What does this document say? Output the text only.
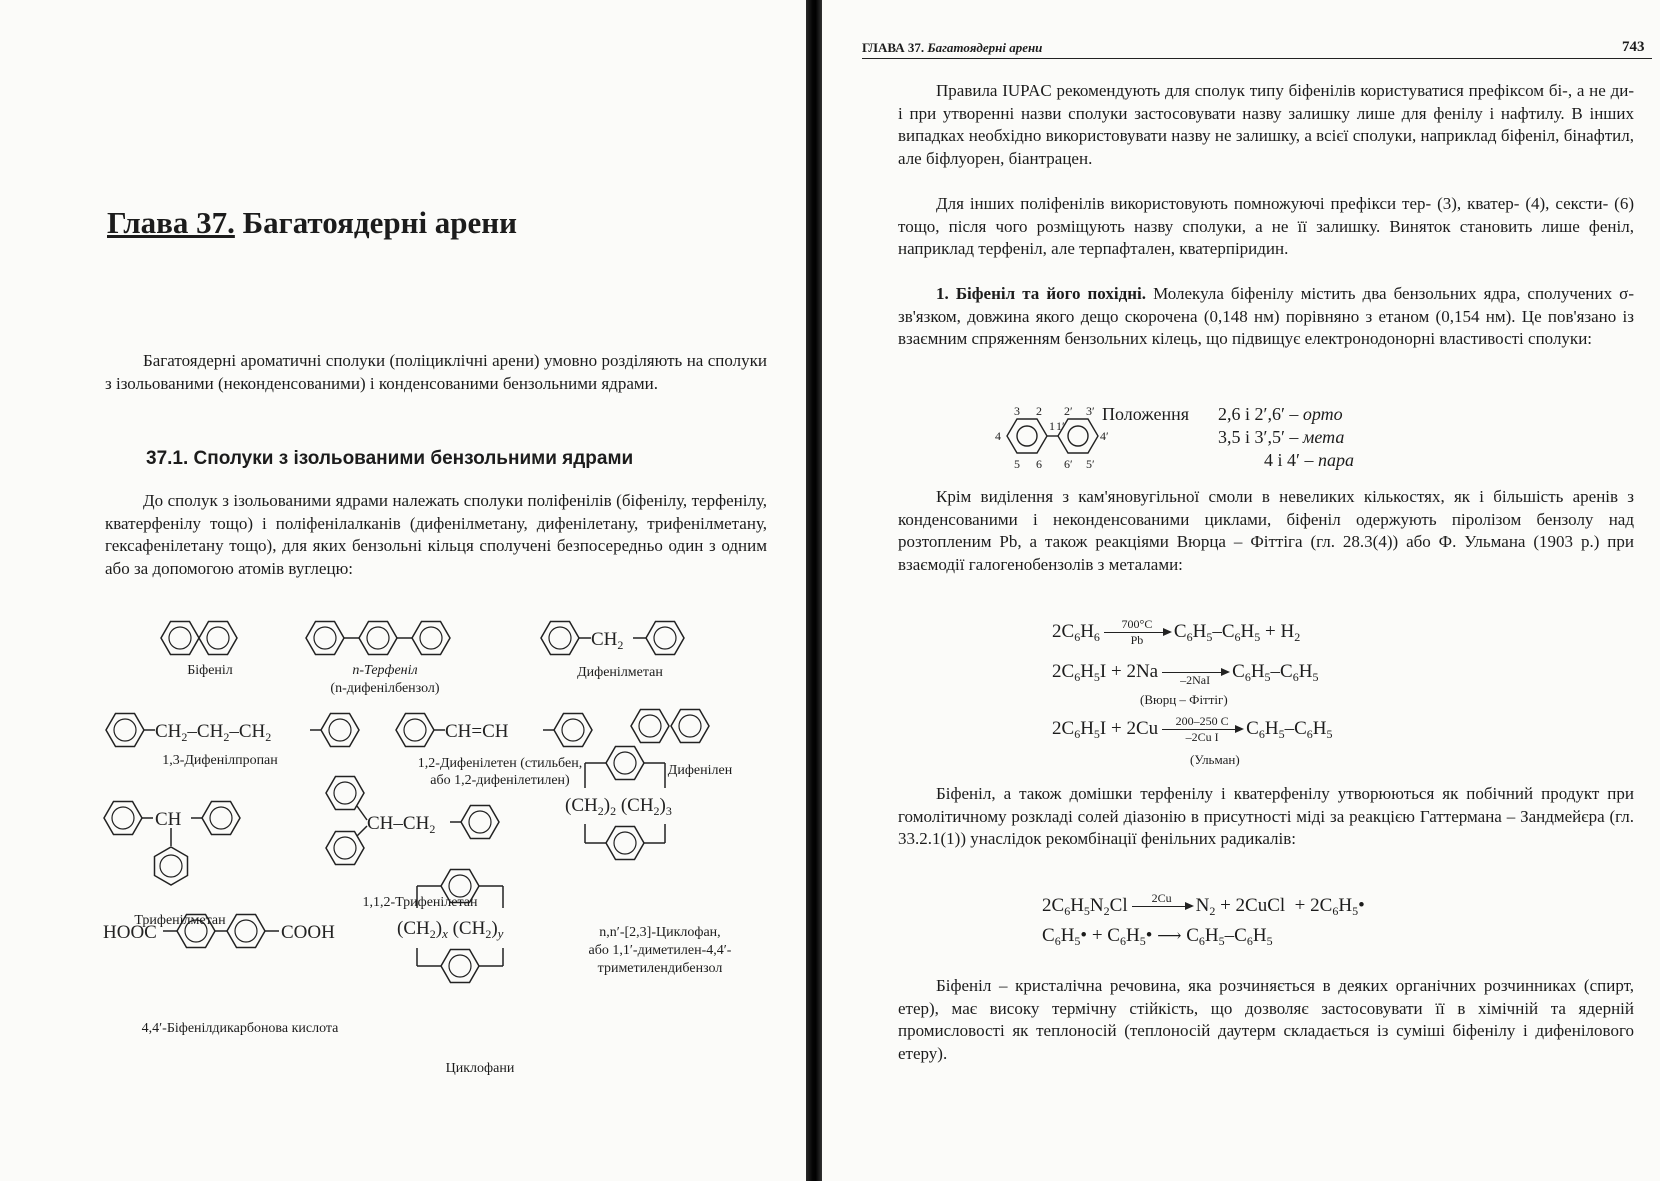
Глава 37. Багатоядерні арени
Багатоядерні ароматичні сполуки (поліциклічні арени) умовно розділяють на сполуки з ізольованими (неконденсованими) і конденсованими бензольними ядрами.
37.1. Сполуки з ізольованими бензольними ядрами
До сполук з ізольованими ядрами належать сполуки поліфенілів (біфенілу, терфенілу, кватерфенілу тощо) і поліфенілалканів (дифенілметану, дифенілетану, трифенілметану, гексафенілетану тощо), для яких бензольні кільця сполучені безпосередньо один з одним або за допомогою атомів вуглецю:
$CH_2$
$CH_2-CH_2-CH_2$	CH=CH
CH	$CH-CH_2$
$(CH_2)_2$ $(CH_2)_3$
HOOC	COOH	$(CH_2)_x$ $(CH_2)_y$
Біфеніл	n-Терфеніл
(n-дифенілбензол)
Дифенілметан
1,3-Дифенілпропан	1,2-Дифенілетен (стильбен,
або 1,2-дифенілетилен)
Дифенілен
Трифенілметан
1,1,2-Трифенілетан
n,n′-[2,3]-Циклофан,
або 1,1′-диметилен-4,4′-
триметилендибензол
4,4′-Біфенілдикарбонова кислота
Циклофани
ГЛАВА 37. Багатоядерні арени	743
Правила IUPAC рекомендують для сполук типу біфенілів користуватися префіксом бі-, а не ди- і при утворенні назви сполуки застосовувати назву залишку лише для фенілу і нафтилу. В інших випадках необхідно використовувати назву не залишку, а всієї сполуки, наприклад біфеніл, бінафтил, але біфлуорен, біантрацен.
Для інших поліфенілів використовують помножуючі префікси тер- (3), кватер- (4), сексти- (6) тощо, після чого розміщують назву сполуки, а не її залишку. Виняток становить лише феніл, наприклад терфеніл, але терпафтален, кватерпіридин.
1. Біфеніл та його похідні. Молекула біфенілу містить два бензольних ядра, сполучених σ-зв'язком, довжина якого дещо скорочена (0,148 нм) порівняно з етаном (0,154 нм). Це пов'язано із взаємним спряженням бензольних кілець, що підвищує електронодонорні властивості сполуки:
3 2 2′ 3′
4	4′
1 1′
5 6 6′ 5′
Положення 2,6 і 2′,6′ – орто
3,5 і 3′,5′ – мета
4 і 4′ – пара
Крім виділення з кам'яновугільної смоли в невеликих кількостях, як і більшість аренів з конденсованими і неконденсованими циклами, біфеніл одержують піролізом бензолу над розтопленим Pb, а також реакціями Вюрца – Фіттіга (гл. 28.3(4)) або Ф. Ульмана (1903 р.) при взаємодії галогенобензолів з металами:
$2C_6H_6 \frac{700^\circ C}{Pb} C_6H_5-C_6H_5 + H_2$
$2C_6H_5I + 2Na$
	–2NaI	$C_6H_5-C_6H_5$
(Вюрц – Фіттіг)
$2C_6H_5I + 2Cu \frac{200-250 C}{\text{–2Cu I}} C_6H_5-C_6H_5$
(Ульман)
Біфеніл, а також домішки терфенілу і кватерфенілу утворюються як побічний продукт при гомолітичному розкладі солей діазонію в присутності міді за реакцією Гаттермана – Зандмейєра (гл. 33.2.1(1)) унаслідок рекомбінації фенільних радикалів:
$2C_6H_5N_2Cl$	2Cu
	$N_2$ + 2CuCl  + $2C_6H_5•$
$C_6H_5•$ + $C_6H_5•$ ⟶ $C_6H_5-C_6H_5$
Біфеніл – кристалічна речовина, яка розчиняється в деяких органічних розчинниках (спирт, етер), має високу термічну стійкість, що дозволяє застосовувати її в хімічній та ядерній промисловості як теплоносій (теплоносій даутерм складається із суміші біфенілу і дифенілового етеру).
